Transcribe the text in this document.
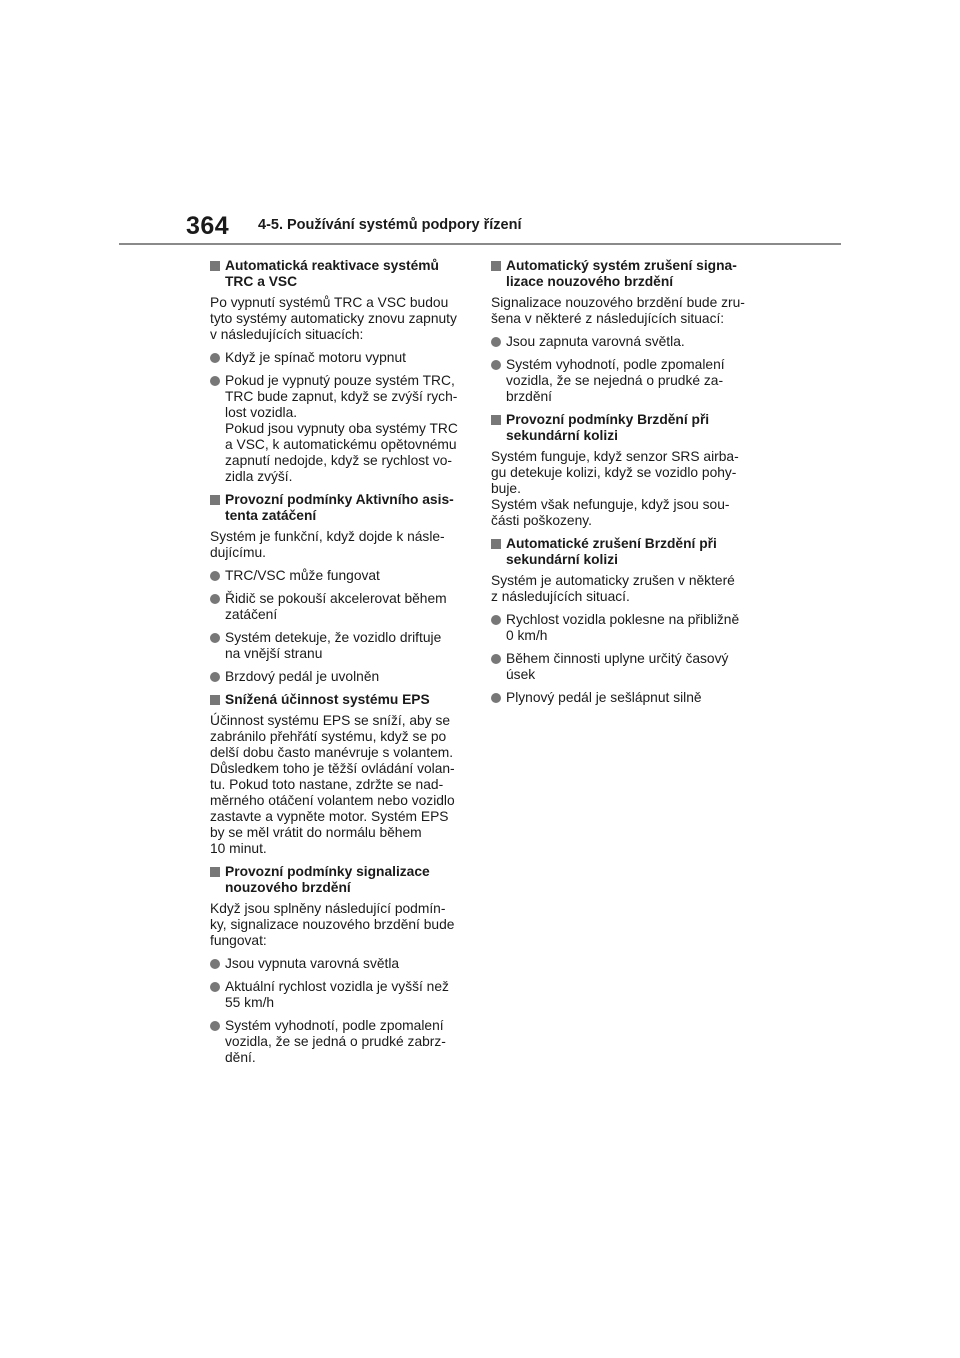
364 4-5. Používání systémů podpory řízení
Automatická reaktivace systémů
TRC a VSC
Po vypnutí systémů TRC a VSC budou
tyto systémy automaticky znovu zapnuty
v následujících situacích:
Když je spínač motoru vypnut
Pokud je vypnutý pouze systém TRC,
TRC bude zapnut, když se zvýší rych-
lost vozidla.
Pokud jsou vypnuty oba systémy TRC
a VSC, k automatickému opětovnému
zapnutí nedojde, když se rychlost vo-
zidla zvýší.
Provozní podmínky Aktivního asis-
tenta zatáčení
Systém je funkční, když dojde k násle-
dujícímu.
TRC/VSC může fungovat
Řidič se pokouší akcelerovat během
zatáčení
Systém detekuje, že vozidlo driftuje
na vnější stranu
Brzdový pedál je uvolněn
Snížená účinnost systému EPS
Účinnost systému EPS se sníží, aby se
zabránilo přehřátí systému, když se po
delší dobu často manévruje s volantem.
Důsledkem toho je těžší ovládání volan-
tu. Pokud toto nastane, zdržte se nad-
měrného otáčení volantem nebo vozidlo
zastavte a vypněte motor. Systém EPS
by se měl vrátit do normálu během
10 minut.
Provozní podmínky signalizace
nouzového brzdění
Když jsou splněny následující podmín-
ky, signalizace nouzového brzdění bude
fungovat:
Jsou vypnuta varovná světla
Aktuální rychlost vozidla je vyšší než
55 km/h
Systém vyhodnotí, podle zpomalení
vozidla, že se jedná o prudké zabrz-
dění.
Automatický systém zrušení signa-
lizace nouzového brzdění
Signalizace nouzového brzdění bude zru-
šena v některé z následujících situací:
Jsou zapnuta varovná světla.
Systém vyhodnotí, podle zpomalení
vozidla, že se nejedná o prudké za-
brzdění
Provozní podmínky Brzdění při
sekundární kolizi
Systém funguje, když senzor SRS airba-
gu detekuje kolizi, když se vozidlo pohy-
buje.
Systém však nefunguje, když jsou sou-
části poškozeny.
Automatické zrušení Brzdění při
sekundární kolizi
Systém je automaticky zrušen v některé
z následujících situací.
Rychlost vozidla poklesne na přibližně
0 km/h
Během činnosti uplyne určitý časový
úsek
Plynový pedál je sešlápnut silně
